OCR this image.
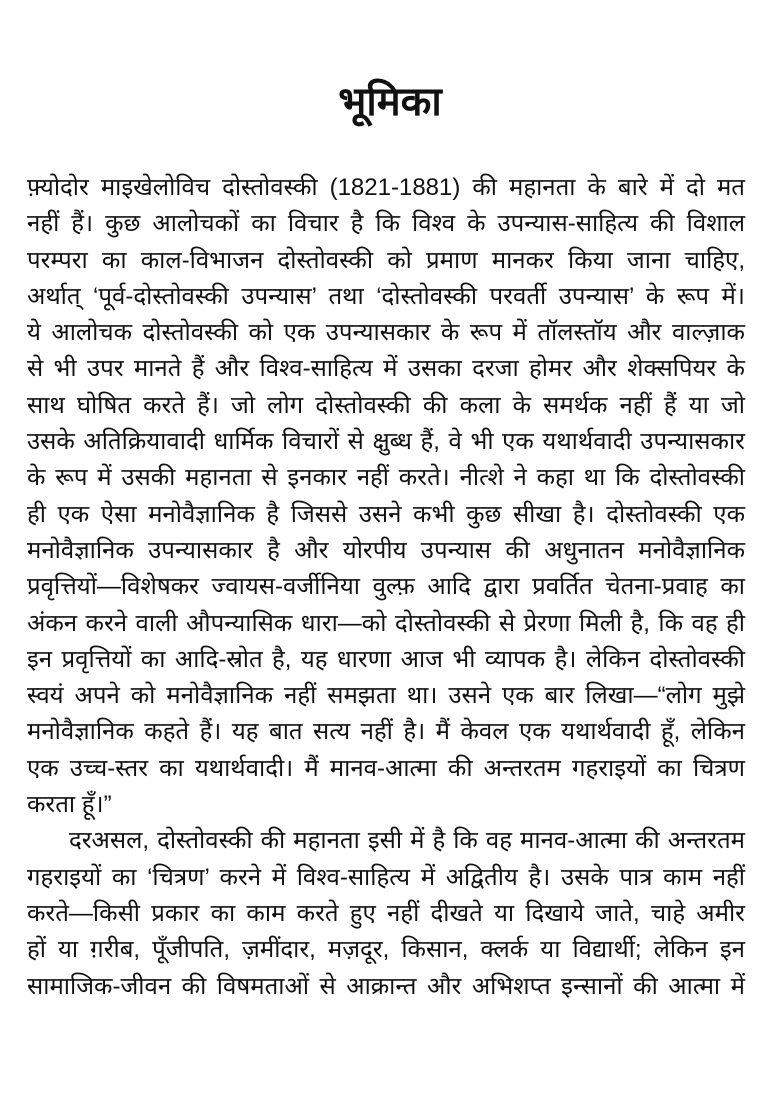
भूमिका
फ़्योदोर माइखेलोविच दोस्तोवस्की (1821-1881) की महानता के बारे में दो मत
नहीं हैं। कुछ आलोचकों का विचार है कि विश्व के उपन्यास-साहित्य की विशाल
परम्परा का काल-विभाजन दोस्तोवस्की को प्रमाण मानकर किया जाना चाहिए,
अर्थात् ‘पूर्व-दोस्तोवस्की उपन्यास’ तथा ‘दोस्तोवस्की परवर्ती उपन्यास’ के रूप में।
ये आलोचक दोस्तोवस्की को एक उपन्यासकार के रूप में तॉलस्तॉय और वाल्ज़ाक
से भी उपर मानते हैं और विश्व-साहित्य में उसका दरजा होमर और शेक्सपियर के
साथ घोषित करते हैं। जो लोग दोस्तोवस्की की कला के समर्थक नहीं हैं या जो
उसके अतिक्रियावादी धार्मिक विचारों से क्षुब्ध हैं, वे भी एक यथार्थवादी उपन्यासकार
के रूप में उसकी महानता से इनकार नहीं करते। नीत्शे ने कहा था कि दोस्तोवस्की
ही एक ऐसा मनोवैज्ञानिक है जिससे उसने कभी कुछ सीखा है। दोस्तोवस्की एक
मनोवैज्ञानिक उपन्यासकार है और योरपीय उपन्यास की अधुनातन मनोवैज्ञानिक
प्रवृत्तियों—विशेषकर ज्वायस-वर्जीनिया वुल्फ़ आदि द्वारा प्रवर्तित चेतना-प्रवाह का
अंकन करने वाली औपन्यासिक धारा—को दोस्तोवस्की से प्रेरणा मिली है, कि वह ही
इन प्रवृत्तियों का आदि-स्रोत है, यह धारणा आज भी व्यापक है। लेकिन दोस्तोवस्की
स्वयं अपने को मनोवैज्ञानिक नहीं समझता था। उसने एक बार लिखा—“लोग मुझे
मनोवैज्ञानिक कहते हैं। यह बात सत्य नहीं है। मैं केवल एक यथार्थवादी हूँ, लेकिन
एक उच्च-स्तर का यथार्थवादी। मैं मानव-आत्मा की अन्तरतम गहराइयों का चित्रण
करता हूँ।”
दरअसल, दोस्तोवस्की की महानता इसी में है कि वह मानव-आत्मा की अन्तरतम
गहराइयों का ‘चित्रण’ करने में विश्व-साहित्य में अद्वितीय है। उसके पात्र काम नहीं
करते—किसी प्रकार का काम करते हुए नहीं दीखते या दिखाये जाते, चाहे अमीर
हों या ग़रीब, पूँजीपति, ज़मींदार, मज़दूर, किसान, क्लर्क या विद्यार्थी; लेकिन इन
सामाजिक-जीवन की विषमताओं से आक्रान्त और अभिशप्त इन्सानों की आत्मा में
